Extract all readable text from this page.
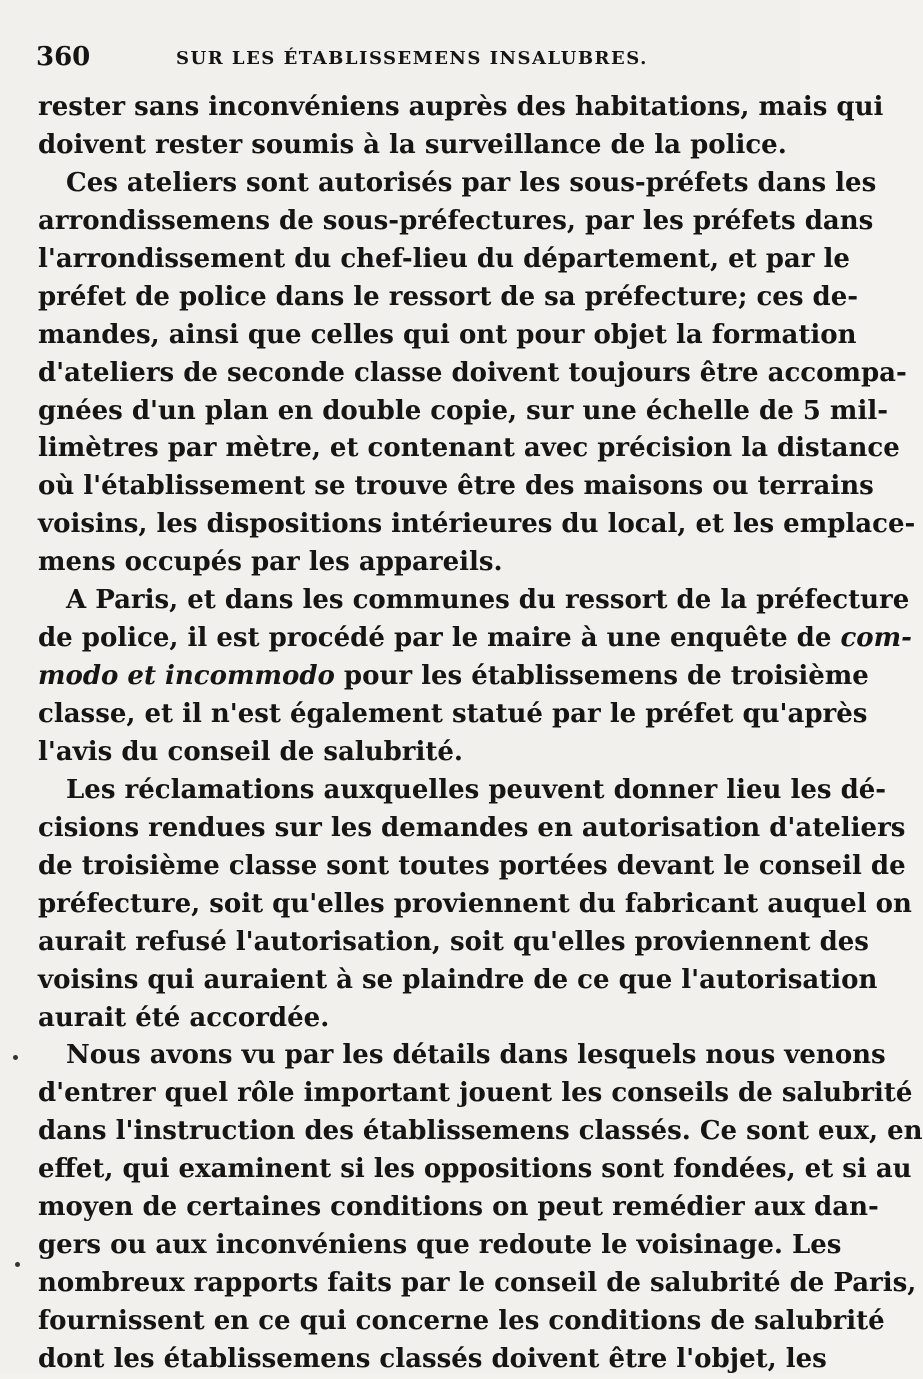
360	SUR LES ÉTABLISSEMENS INSALUBRES.
rester sans inconvéniens auprès des habitations, mais qui
doivent rester soumis à la surveillance de la police.
Ces ateliers sont autorisés par les sous-préfets dans les
arrondissemens de sous-préfectures, par les préfets dans
l'arrondissement du chef-lieu du département, et par le
préfet de police dans le ressort de sa préfecture; ces de-
mandes, ainsi que celles qui ont pour objet la formation
d'ateliers de seconde classe doivent toujours être accompa-
gnées d'un plan en double copie, sur une échelle de 5 mil-
limètres par mètre, et contenant avec précision la distance
où l'établissement se trouve être des maisons ou terrains
voisins, les dispositions intérieures du local, et les emplace-
mens occupés par les appareils.
A Paris, et dans les communes du ressort de la préfecture
de police, il est procédé par le maire à une enquête de com-
modo et incommodo pour les établissemens de troisième
classe, et il n'est également statué par le préfet qu'après
l'avis du conseil de salubrité.
Les réclamations auxquelles peuvent donner lieu les dé-
cisions rendues sur les demandes en autorisation d'ateliers
de troisième classe sont toutes portées devant le conseil de
préfecture, soit qu'elles proviennent du fabricant auquel on
aurait refusé l'autorisation, soit qu'elles proviennent des
voisins qui auraient à se plaindre de ce que l'autorisation
aurait été accordée.
Nous avons vu par les détails dans lesquels nous venons
d'entrer quel rôle important jouent les conseils de salubrité
dans l'instruction des établissemens classés. Ce sont eux, en
effet, qui examinent si les oppositions sont fondées, et si au
moyen de certaines conditions on peut remédier aux dan-
gers ou aux inconvéniens que redoute le voisinage. Les
nombreux rapports faits par le conseil de salubrité de Paris,
fournissent en ce qui concerne les conditions de salubrité
dont les établissemens classés doivent être l'objet, les
